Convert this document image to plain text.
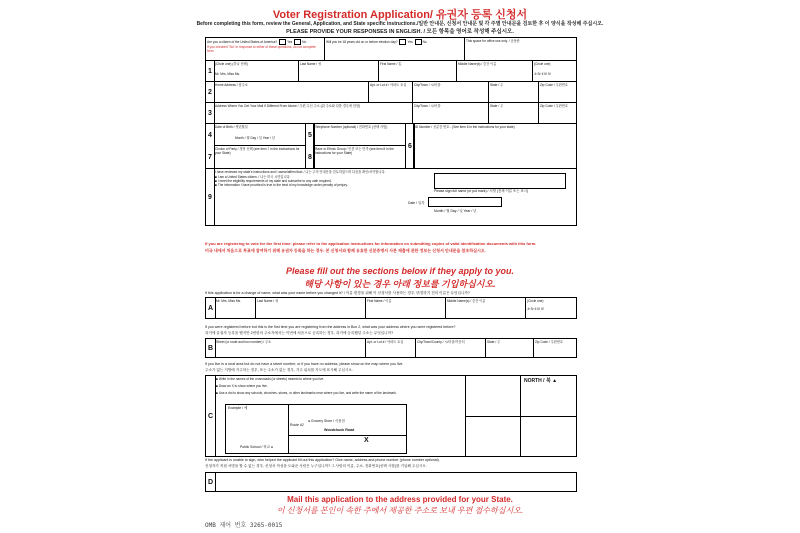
Voter Registration Application/ 유권자 등록 신청서
Before completing this form, review the General, Application, and State specific instructions./일반 안내문, 신청서 안내문 및 각 주별 안내문을 검토한 후 이 양식을 작성해 주십시오.
PLEASE PROVIDE YOUR RESPONSES IN ENGLISH. / 모든 항목을 영어로 작성해 주십시오.
Are you a citizen of the United States of America?	Yes	No
If you checked "No" in response to either of these questions, do not complete form.
Will you be 18 years old on or before election day?	Yes	No	This space for office use only. / 공용란
1
(Circle one) (하나 선택)
Mr. Mrs. Miss Ms.
Last Name / 성	First Name / 名	Middle Name(s) / 중간 이름	(Circle one)
Jr Sr II III IV
2
Home Address / 집주소	Apt. or Lot # / 아파트 호실	City/Town / 시/마을	State / 주	Zip Code / 우편번호
3
Address Where You Get Your Mail If Different From Above / 우편 수신 주소 (위 주소와 다를 경우에 한함)	City/Town / 시/마을	State / 주	Zip Code / 우편번호
4
7
Date of Birth / 생년월일
Month / 월 Day / 일 Year / 년
Choice of Party / 정당 선택 (see item 7 in the instructions for your State)
5
8
Telephone Number (optional) / 전화번호 (선택 사항)
Race or Ethnic Group / 인종 또는 민족 (see item 8 in the instructions for your State)
6
ID Number / 신분증 번호 - (See item 6 in the instructions for your state)
9
I have reviewed my state's instructions and I swear/affirm that: / 나는 주의 안내문을 검토하였으며 다음을 확인/서약합니다.
■ I am a United States citizen. / 나는 미국 시민입니다.
■ I meet the eligibility requirements of my state and subscribe to any oath required.
■ The information I have provided is true to the best of my knowledge under penalty of perjury.
Please sign full name (or put mark) / 서명 (전체 이름 또는 표시)
Date / 일자
Month / 월 Day / 일 Year / 년
If you are registering to vote for the first time: please refer to the application instructions for information on submitting copies of valid identification documents with this form.
미국 내에서 처음으로 투표에 참여하기 위해 유권자 등록을 하는 경우: 본 신청서와 함께 유효한 신분증명서 사본 제출에 관한 정보는 신청서 안내문을 참조하십시오.
Please fill out the sections below if they apply to you.
해당 사항이 있는 경우 아래 정보를 기입하십시오.
If this application is for a change of name, what was your name before you changed it? / 이름 변경을 위해 이 신청서를 사용하는 경우, 변경하기 전의 이름은 무엇입니까?
A
Mr. Mrs. Miss Ms.	Last Name / 성	First Name / 이름	Middle Name(s) / 중간 이름	(Circle one)
Jr Sr II III IV
If you were registered before but this is the first time you are registering from the address in Box 2, what was your address where you were registered before?
과거에 유권자 등록을 했지만 2번항의 주소지에서는 이번에 처음으로 등록하는 경우, 과거에 등록했던 주소는 무엇입니까?
B
Street (or route and box number) / 주소	Apt. or Lot # / 아파트 호실	City/Town/County / 시/마을/카운티	State / 주	Zip Code / 우편번호
If you live in a rural area but do not have a street number, or if you have no address, please show on the map where you live.
주소가 없는 지방에 거주하는 경우, 또는 주소가 없는 경우, 거주 위치를 지도에 표시해 주십시오.
C
■ Write in the names of the crossroads (or streets) nearest to where you live.
■ Draw an X to show where you live.
■ Use a dot to show any schools, churches, stores, or other landmarks near where you live, and write the name of the landmark.
Example / 예
Route #2
Woodchuck Road
● Grocery Store / 식품점
Public School / 학교 ●
X
NORTH / 북 ▲
If the applicant is unable to sign, who helped the applicant fill out this application? Give name, address and phone number (phone number optional).
신청자가 직접 서명을 할 수 없는 경우, 신청서 작성을 도와준 사람은 누구입니까? 그 사람의 이름, 주소, 전화번호(선택 사항)를 기입해 주십시오.
D
Mail this application to the address provided for your State.
이 신청서를 본인이 속한 주에서 제공한 주소로 보내 우편 접수하십시오.
OMB 제어 번호 3265-0015
